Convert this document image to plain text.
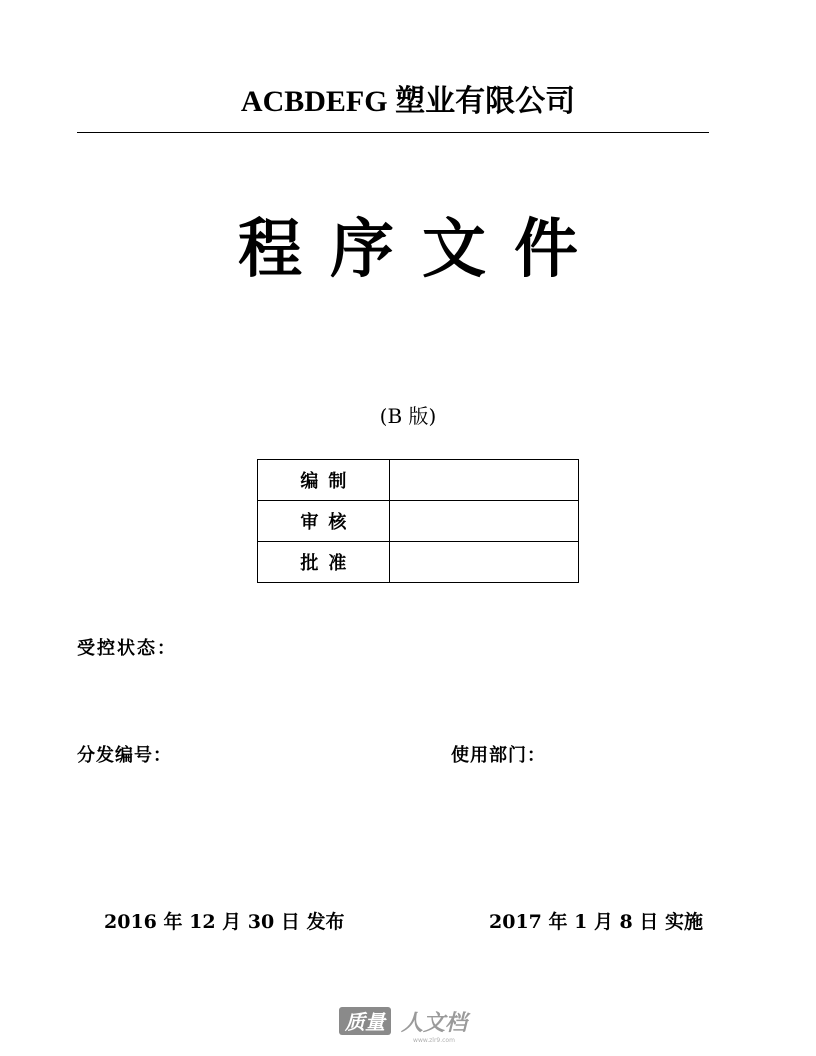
ACBDEFG 塑业有限公司
程序文件
(B 版)
编制	
审核	
批准	
受控状态：
分发编号：	使用部门：
2016 年 12 月 30 日 发布	2017 年 1 月 8 日 实施
质量 人文档
www.zlr9.com
